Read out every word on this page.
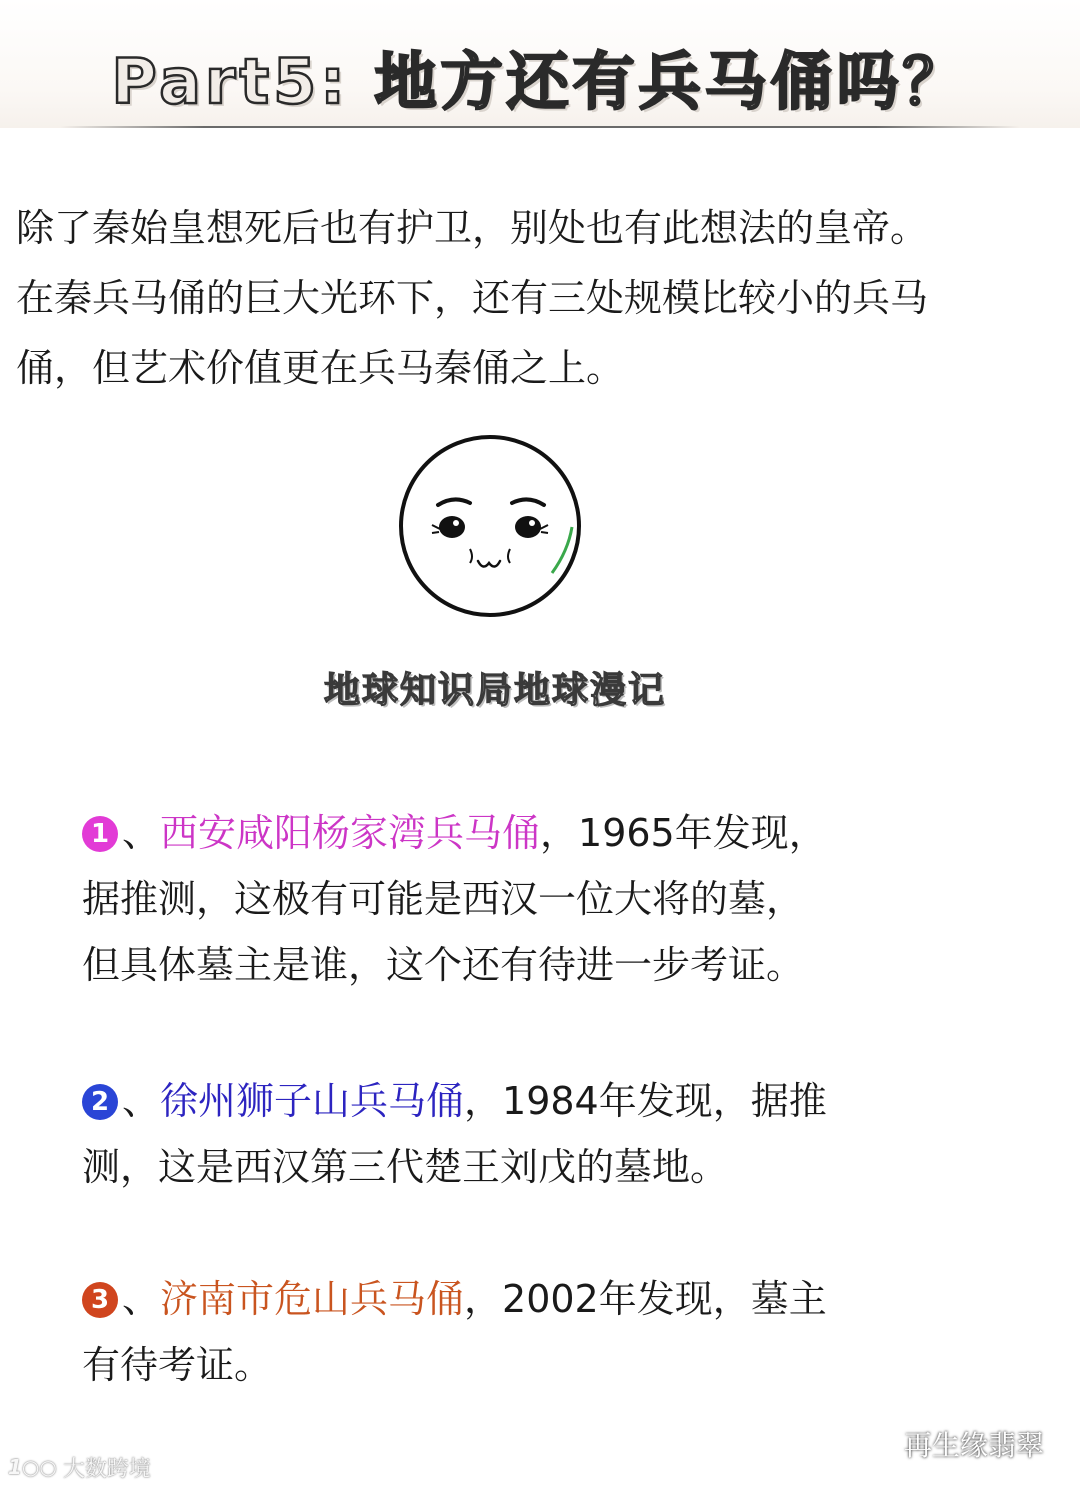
Part5: 地方还有兵马俑吗？

除了秦始皇想死后也有护卫，别处也有此想法的皇帝。

在秦兵马俑的巨大光环下，还有三处规模比较小的兵马

俑，但艺术价值更在兵马秦俑之上。

地球知识局地球漫记

1 、西安咸阳杨家湾兵马俑，1965年发现，

据推测，这极有可能是西汉一位大将的墓，

但具体墓主是谁，这个还有待进一步考证。

2 、徐州狮子山兵马俑，1984年发现，据推

测，这是西汉第三代楚王刘戊的墓地。

3 、济南市危山兵马俑，2002年发现，墓主

有待考证。

再生缘翡翠
1○○ 大数跨境
